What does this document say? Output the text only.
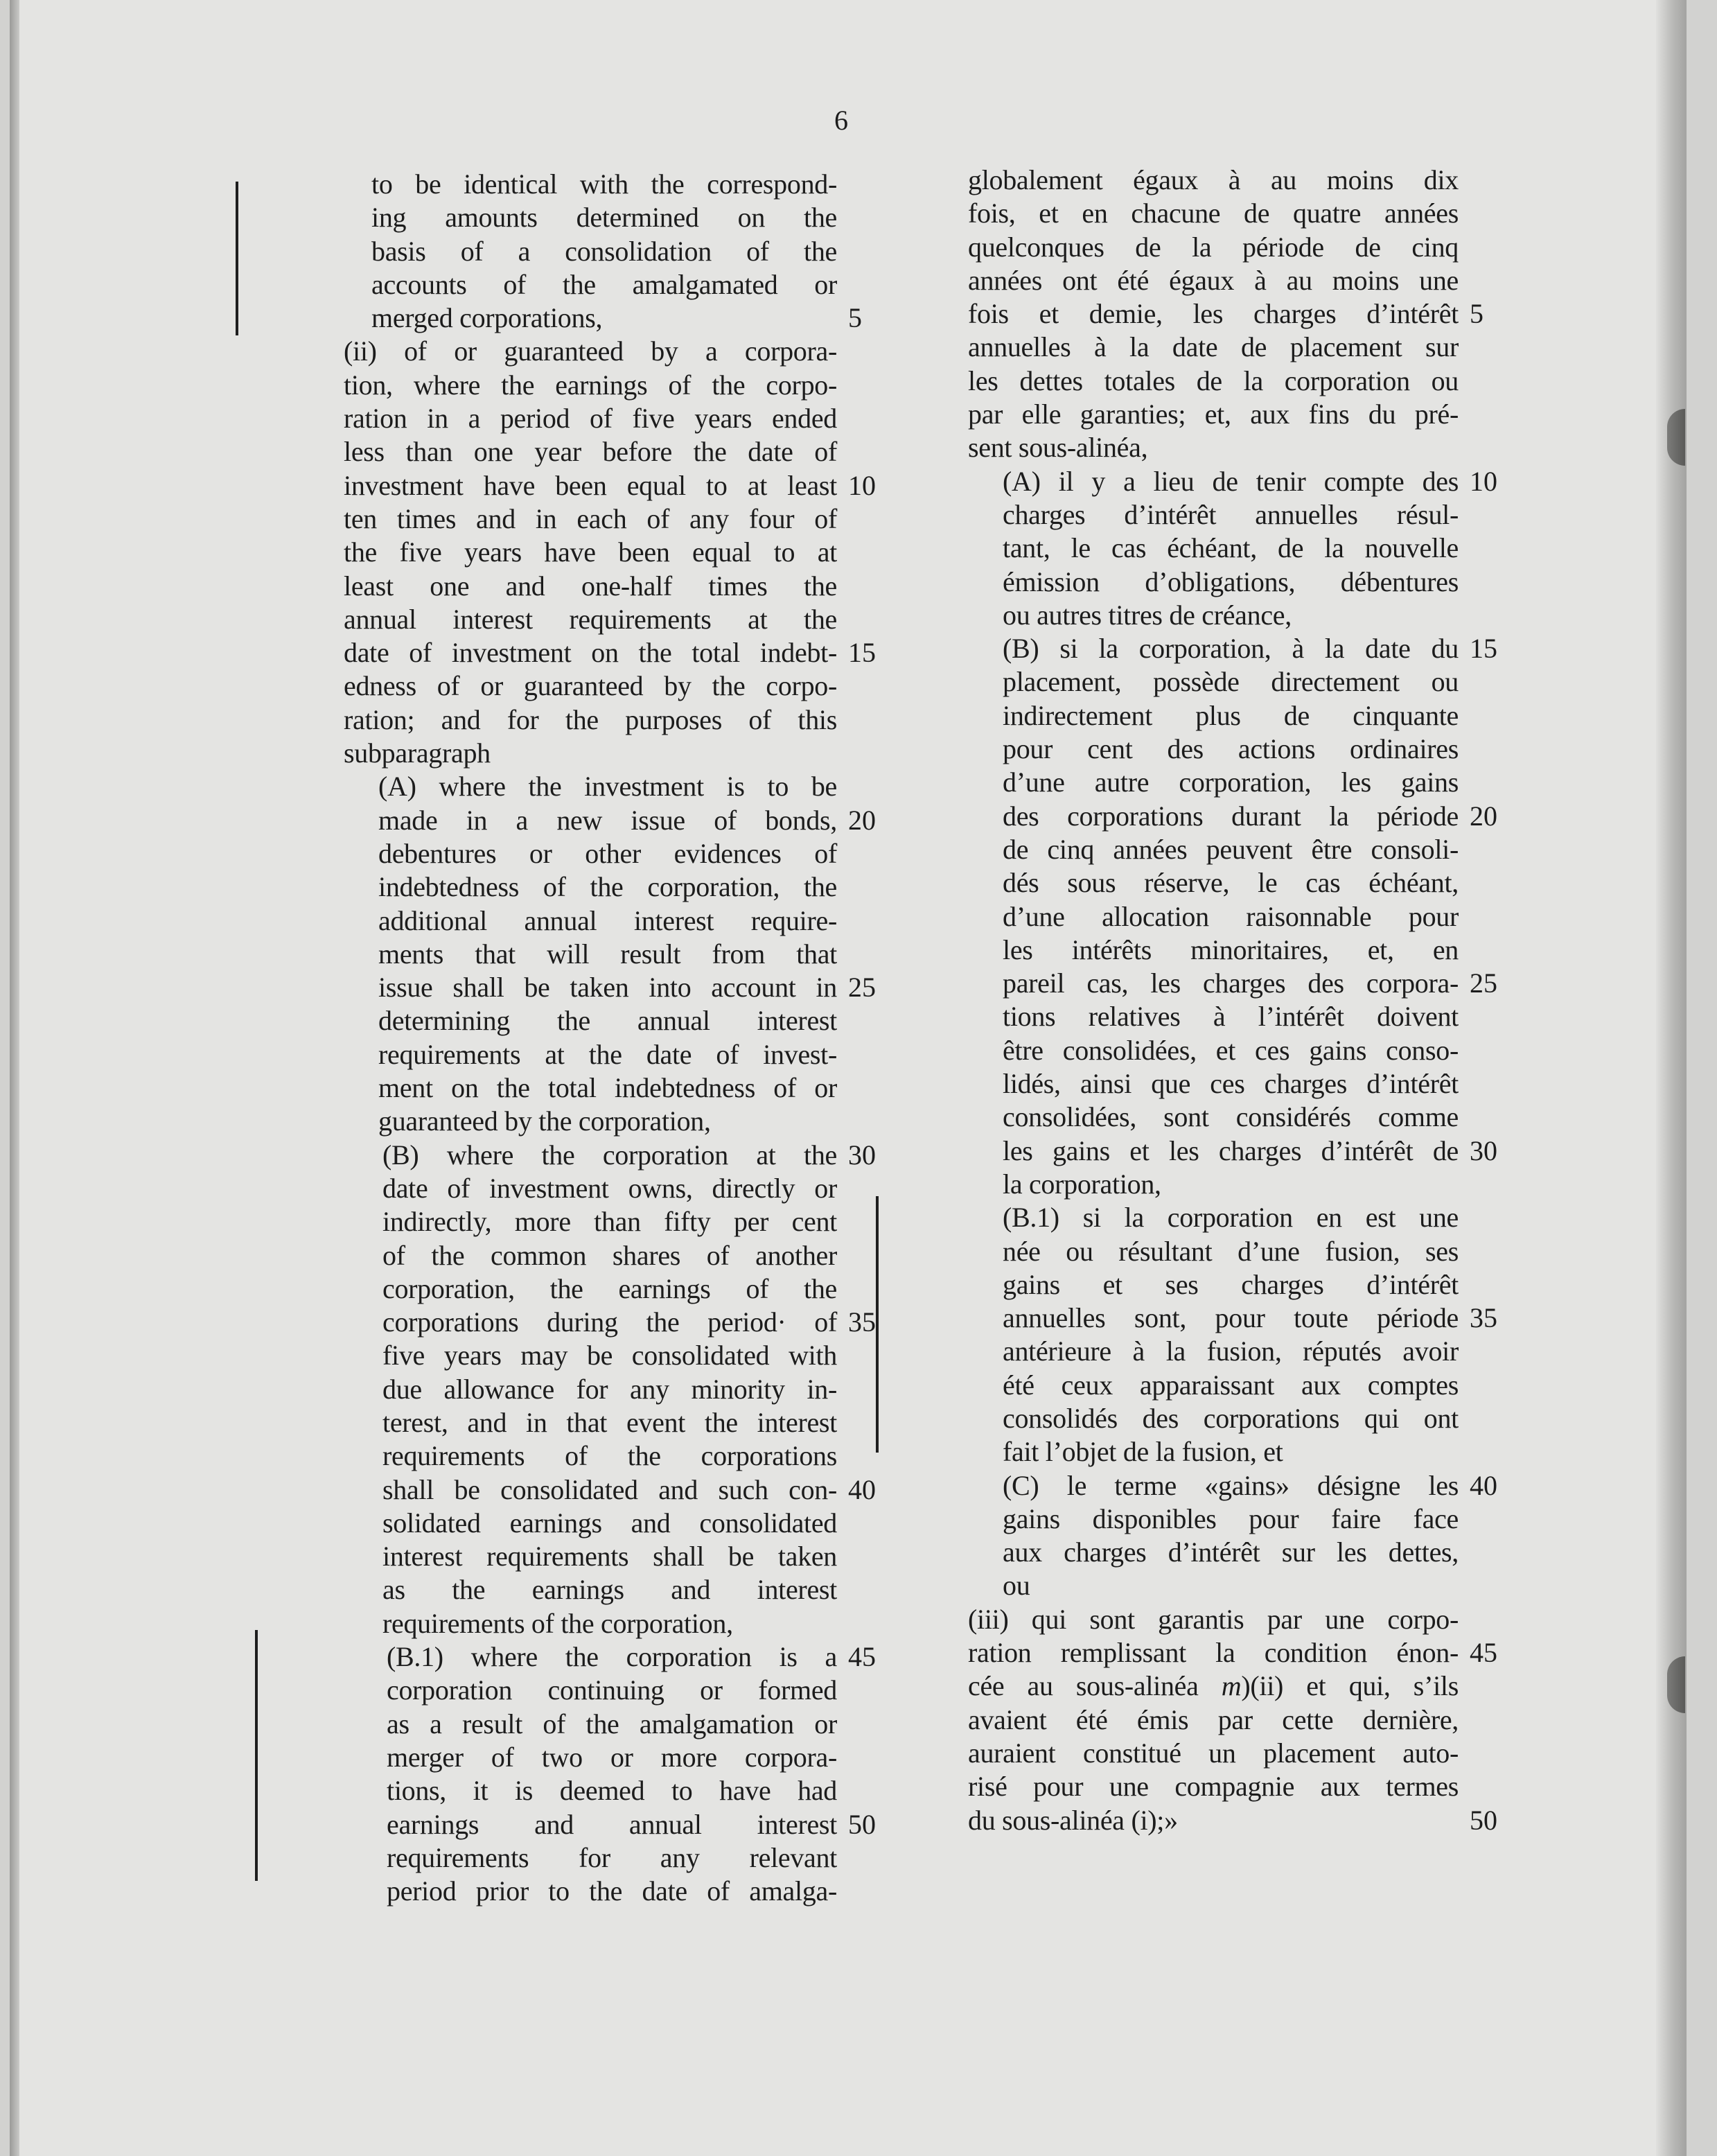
6
to be identical with the correspond-
ing amounts determined on the
basis of a consolidation of the
accounts of the amalgamated or
merged corporations,
(ii) of or guaranteed by a corpora-
tion, where the earnings of the corpo-
ration in a period of five years ended
less than one year before the date of
investment have been equal to at least
ten times and in each of any four of
the five years have been equal to at
least one and one-half times the
annual interest requirements at the
date of investment on the total indebt-
edness of or guaranteed by the corpo-
ration; and for the purposes of this
subparagraph
(A) where the investment is to be
made in a new issue of bonds,
debentures or other evidences of
indebtedness of the corporation, the
additional annual interest require-
ments that will result from that
issue shall be taken into account in
determining the annual interest
requirements at the date of invest-
ment on the total indebtedness of or
guaranteed by the corporation,
(B) where the corporation at the
date of investment owns, directly or
indirectly, more than fifty per cent
of the common shares of another
corporation, the earnings of the
corporations during the period· of
five years may be consolidated with
due allowance for any minority in-
terest, and in that event the interest
requirements of the corporations
shall be consolidated and such con-
solidated earnings and consolidated
interest requirements shall be taken
as the earnings and interest
requirements of the corporation,
(B.1) where the corporation is a
corporation continuing or formed
as a result of the amalgamation or
merger of two or more corpora-
tions, it is deemed to have had
earnings and annual interest
requirements for any relevant
period prior to the date of amalga-
5
10
15
20
25
30
35
40
45
50
globalement égaux à au moins dix
fois, et en chacune de quatre années
quelconques de la période de cinq
années ont été égaux à au moins une
fois et demie, les charges d’intérêt
annuelles à la date de placement sur
les dettes totales de la corporation ou
par elle garanties; et, aux fins du pré-
sent sous-alinéa,
(A) il y a lieu de tenir compte des
charges d’intérêt annuelles résul-
tant, le cas échéant, de la nouvelle
émission d’obligations, débentures
ou autres titres de créance,
(B) si la corporation, à la date du
placement, possède directement ou
indirectement plus de cinquante
pour cent des actions ordinaires
d’une autre corporation, les gains
des corporations durant la période
de cinq années peuvent être consoli-
dés sous réserve, le cas échéant,
d’une allocation raisonnable pour
les intérêts minoritaires, et, en
pareil cas, les charges des corpora-
tions relatives à l’intérêt doivent
être consolidées, et ces gains conso-
lidés, ainsi que ces charges d’intérêt
consolidées, sont considérés comme
les gains et les charges d’intérêt de
la corporation,
(B.1) si la corporation en est une
née ou résultant d’une fusion, ses
gains et ses charges d’intérêt
annuelles sont, pour toute période
antérieure à la fusion, réputés avoir
été ceux apparaissant aux comptes
consolidés des corporations qui ont
fait l’objet de la fusion, et
(C) le terme «gains» désigne les
gains disponibles pour faire face
aux charges d’intérêt sur les dettes,
ou
(iii) qui sont garantis par une corpo-
ration remplissant la condition énon-
cée au sous-alinéa m)(ii) et qui, s’ils
avaient été émis par cette dernière,
auraient constitué un placement auto-
risé pour une compagnie aux termes
du sous-alinéa (i);»
5
10
15
20
25
30
35
40
45
50
